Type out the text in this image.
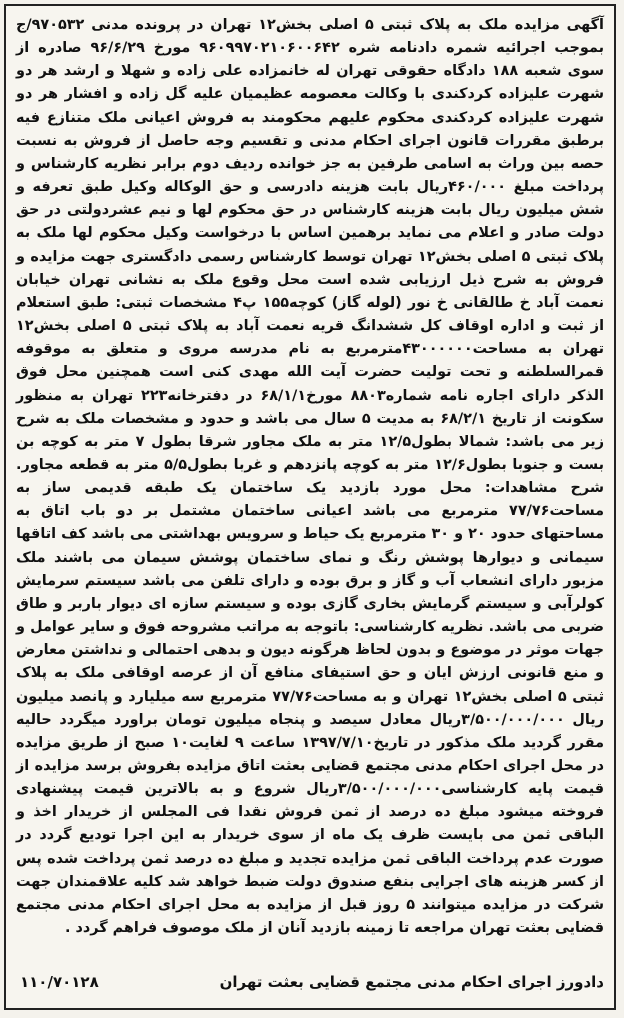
آگهی مزایده ملک به پلاک ثبتی ۵ اصلی بخش۱۲ تهران در پرونده مدنی ۹۷۰۵۳۲/ج بموجب اجرائیه شمره دادنامه شره ۹۶۰۹۹۷۰۲۱۰۶۰۰۶۴۲ مورخ ۹۶/۶/۲۹ صادره از سوی شعبه ۱۸۸ دادگاه حقوقی تهران له خانمزاده علی زاده و شهلا و ارشد هر دو شهرت علیزاده کردکندی با وکالت معصومه عظیمیان علیه گل زاده و افشار هر دو شهرت علیزاده کردکندی محکوم علیهم محکومند به فروش اعیانی ملک متنازع فیه برطبق مقررات قانون اجرای احکام مدنی و تقسیم وجه حاصل از فروش به نسبت حصه بین وراث به اسامی طرفین به جز خوانده ردیف دوم برابر نظریه کارشناس و پرداخت مبلغ ۴۶۰/۰۰۰ریال بابت هزینه دادرسی و حق الوکاله وکیل طبق تعرفه و شش میلیون ریال بابت هزینه کارشناس در حق محکوم لها و نیم عشردولتی در حق دولت صادر و اعلام می نماید برهمین اساس با درخواست وکیل محکوم لها ملک به پلاک ثبتی ۵ اصلی بخش۱۲ تهران توسط کارشناس رسمی دادگستری جهت مزایده و فروش به شرح ذیل ارزیابی شده است محل وقوع ملک به نشانی تهران خیابان نعمت آباد خ طالقانی خ نور (لوله گاز) کوچه۱۵۵ پ۴ مشخصات ثبتی: طبق استعلام از ثبت و اداره اوقاف کل ششدانگ قریه نعمت آباد به پلاک ثبتی ۵ اصلی بخش۱۲ تهران به مساحت۴۳۰۰۰۰۰۰مترمربع به نام مدرسه مروی و متعلق به موقوفه قمرالسلطنه و تحت تولیت حضرت آیت الله مهدی کنی است همچنین محل فوق الذکر دارای اجاره نامه شماره۸۸۰۳ مورخ۶۸/۱/۱ در دفترخانه۲۲۳ تهران به منظور سکونت از تاریخ ۶۸/۲/۱ به مدیت ۵ سال می باشد و حدود و مشخصات ملک به شرح زیر می باشد: شمالا بطول۱۲/۵ متر به ملک مجاور شرقا بطول ۷ متر به کوچه بن بست و جنوبا بطول۱۲/۶ متر به کوچه پانزدهم و غربا بطول۵/۵ متر به قطعه مجاور. شرح مشاهدات: محل مورد بازدید یک ساختمان یک طبقه قدیمی ساز به مساحت۷۷/۷۶ مترمربع می باشد اعیانی ساختمان مشتمل بر دو باب اتاق به مساحتهای حدود ۲۰ و ۳۰ مترمربع یک حیاط و سرویس بهداشتی می باشد کف اتاقها سیمانی و دیوارها پوشش رنگ و نمای ساختمان پوشش سیمان می باشند ملک مزبور دارای انشعاب آب و گاز و برق بوده و دارای تلفن می باشد سیستم سرمایش کولرآبی و سیستم گرمایش بخاری گازی بوده و سیستم سازه ای دیوار باربر و طاق ضربی می باشد. نظریه کارشناسی: باتوجه به مراتب مشروحه فوق و سایر عوامل و جهات موثر در موضوع و بدون لحاظ هرگونه دیون و بدهی احتمالی و نداشتن معارض و منع قانونی ارزش ایان و حق استیفای منافع آن از عرصه اوقافی ملک به پلاک ثبتی ۵ اصلی بخش۱۲ تهران و به مساحت۷۷/۷۶ مترمربع سه میلیارد و پانصد میلیون ریال ۳/۵۰۰/۰۰۰/۰۰۰ریال معادل سیصد و پنجاه میلیون تومان براورد میگردد حالیه مقرر گردید ملک مذکور در تاریخ۱۳۹۷/۷/۱۰ ساعت ۹ لغایت۱۰ صبح از طریق مزایده در محل اجرای احکام مدنی مجتمع قضایی بعثت اتاق مزایده بفروش برسد مزایده از قیمت پایه کارشناسی۳/۵۰۰/۰۰۰/۰۰۰ریال شروع و به بالاترین قیمت پیشنهادی فروخته میشود مبلغ ده درصد از ثمن فروش نقدا فی المجلس از خریدار اخذ و الباقی ثمن می بایست ظرف یک ماه از سوی خریدار به این اجرا تودیع گردد در صورت عدم پرداخت الباقی ثمن مزایده تجدید و مبلغ ده درصد ثمن پرداخت شده پس از کسر هزینه های اجرایی بنفع صندوق دولت ضبط خواهد شد کلیه علاقمندان جهت شرکت در مزایده میتوانند ۵ روز قبل از مزایده به محل اجرای احکام مدنی مجتمع قضایی بعثت تهران مراجعه تا زمینه بازدید آنان از ملک موصوف فراهم گردد .
دادورز اجرای احکام مدنی مجتمع قضایی بعثت تهران
۱۱۰/۷۰۱۲۸
